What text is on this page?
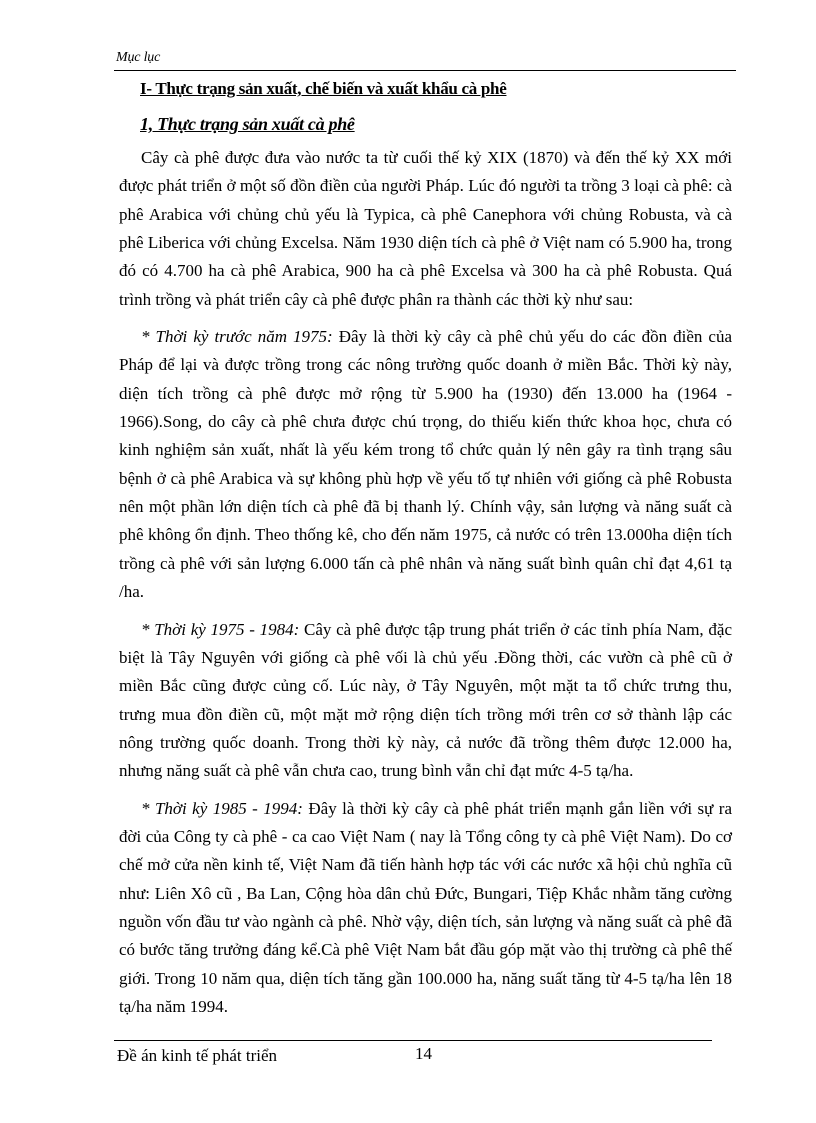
Mục lục
I- Thực trạng sản xuất, chế biến và xuất khẩu cà phê
1, Thực trạng sản xuất cà phê

Cây cà phê được đưa vào nước ta từ cuối thế kỷ XIX (1870) và đến thế kỷ XX mới được phát triển ở một số đồn điền của người Pháp. Lúc đó người ta trồng 3 loại cà phê: cà phê Arabica với chủng chủ yếu là Typica, cà phê Canephora với chủng Robusta, và cà phê Liberica với chủng Excelsa. Năm 1930 diện tích cà phê ở Việt nam có 5.900 ha, trong đó có 4.700 ha cà phê Arabica, 900 ha cà phê Excelsa và 300 ha cà phê Robusta. Quá trình trồng và phát triển cây cà phê được phân ra thành các thời kỳ như sau:

* Thời kỳ trước năm 1975: Đây là thời kỳ cây cà phê chủ yếu do các đồn điền của Pháp để lại và được trồng trong các nông trường quốc doanh ở miền Bắc. Thời kỳ này, diện tích trồng cà phê được mở rộng từ 5.900 ha (1930) đến 13.000 ha (1964 - 1966).Song, do cây cà phê chưa được chú trọng, do thiếu kiến thức khoa học, chưa có kinh nghiệm sản xuất, nhất là yếu kém trong tổ chức quản lý nên gây ra tình trạng sâu bệnh ở cà phê Arabica và sự không phù hợp về yếu tố tự nhiên với giống cà phê Robusta nên một phần lớn diện tích cà phê đã bị thanh lý. Chính vậy, sản lượng và năng suất cà phê không ổn định. Theo thống kê, cho đến năm 1975, cả nước có trên 13.000ha diện tích trồng cà phê với sản lượng 6.000 tấn cà phê nhân và năng suất bình quân chỉ đạt 4,61 tạ /ha.

* Thời kỳ 1975 - 1984: Cây cà phê được tập trung phát triển ở các tỉnh phía Nam, đặc biệt là Tây Nguyên với giống cà phê vối là chủ yếu .Đồng thời, các vườn cà phê cũ ở miền Bắc cũng được củng cố. Lúc này, ở Tây Nguyên, một mặt ta tổ chức trưng thu, trưng mua đồn điền cũ, một mặt mở rộng diện tích trồng mới trên cơ sở thành lập các nông trường quốc doanh. Trong thời kỳ này, cả nước đã trồng thêm được 12.000 ha, nhưng năng suất cà phê vẫn chưa cao, trung bình vẫn chỉ đạt mức 4-5 tạ/ha.

* Thời kỳ 1985 - 1994: Đây là thời kỳ cây cà phê phát triển mạnh gắn liền với sự ra đời của Công ty cà phê - ca cao Việt Nam ( nay là Tổng công ty cà phê Việt Nam). Do cơ chế mở cửa nền kinh tế, Việt Nam đã tiến hành hợp tác với các nước xã hội chủ nghĩa cũ như: Liên Xô cũ , Ba Lan, Cộng hòa dân chủ Đức, Bungari, Tiệp Khắc nhằm tăng cường nguồn vốn đầu tư vào ngành cà phê. Nhờ vậy, diện tích, sản lượng và năng suất cà phê đã có bước tăng trưởng đáng kể.Cà phê Việt Nam bắt đầu góp mặt vào thị trường cà phê thế giới. Trong 10 năm qua, diện tích tăng gần 100.000 ha, năng suất tăng từ 4-5 tạ/ha lên 18 tạ/ha năm 1994.

Đề án kinh tế phát triển	14
